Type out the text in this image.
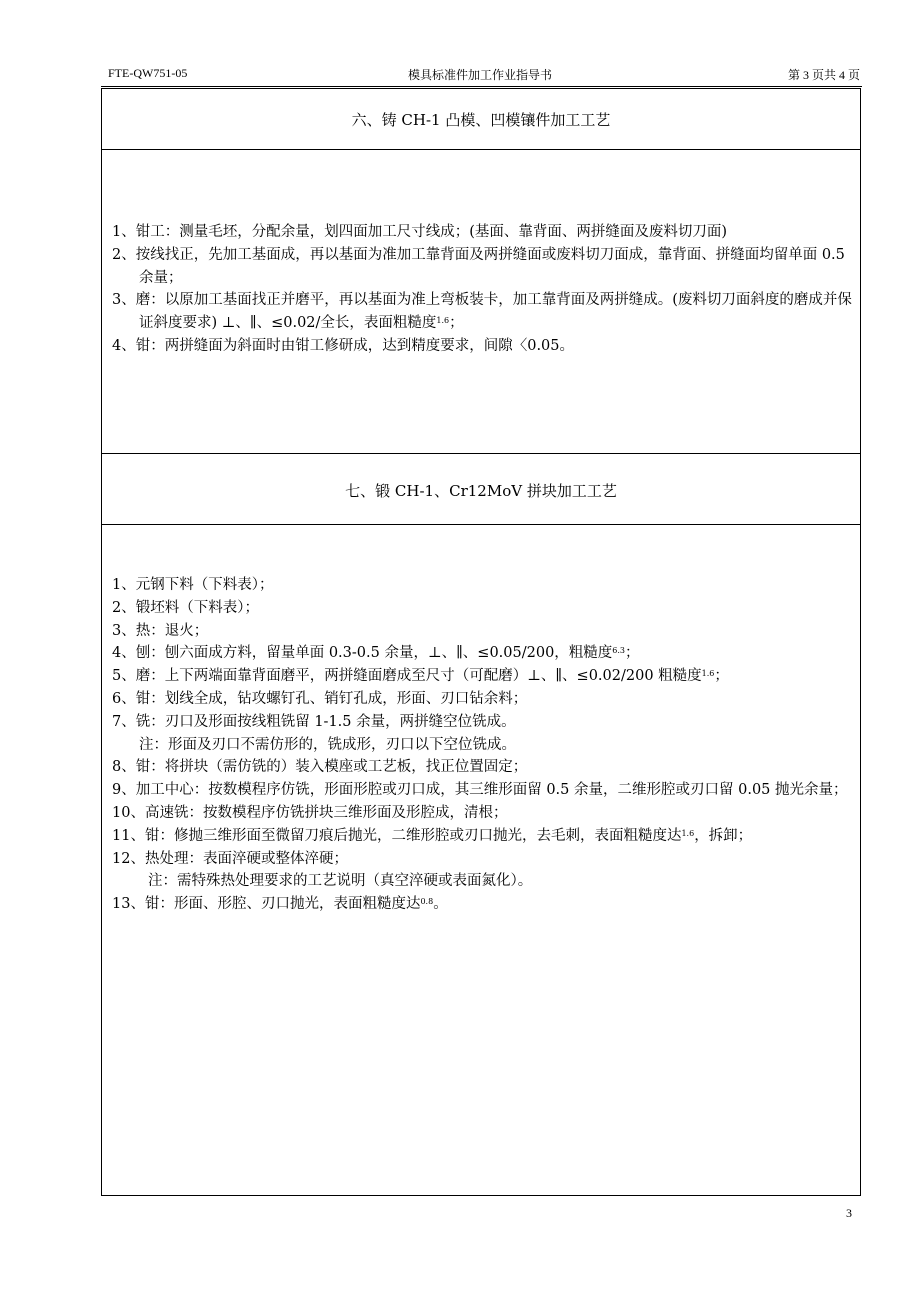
FTE-QW751-05	模具标准件加工作业指导书	第 3 页共 4 页
六、铸 CH-1 凸模、凹模镶件加工工艺

1、钳工：测量毛坯，分配余量，划四面加工尺寸线成；(基面、靠背面、两拼缝面及废料切刀面)

2、按线找正，先加工基面成，再以基面为准加工靠背面及两拼缝面或废料切刀面成，靠背面、拼缝面均留单面 0.5 余量；

3、磨：以原加工基面找正并磨平，再以基面为准上弯板装卡，加工靠背面及两拼缝成。(废料切刀面斜度的磨成并保证斜度要求) ⊥、∥、≤0.02/全长，表面粗糙度$^{1.6}$；

4、钳：两拼缝面为斜面时由钳工修研成，达到精度要求，间隙〈0.05。

七、锻 CH-1、Cr12MoV 拼块加工工艺

1、元钢下料（下料表）；

2、锻坯料（下料表）；

3、热：退火；

4、刨：刨六面成方料，留量单面 0.3-0.5 余量，⊥、∥、≤0.05/200，粗糙度$^{6.3}$；

5、磨：上下两端面靠背面磨平，两拼缝面磨成至尺寸（可配磨）⊥、∥、≤0.02/200 粗糙度$^{1.6}$；

6、钳：划线全成，钻攻螺钉孔、销钉孔成，形面、刃口钻余料；

7、铣：刃口及形面按线粗铣留 1-1.5 余量，两拼缝空位铣成。

注：形面及刃口不需仿形的，铣成形，刃口以下空位铣成。

8、钳：将拼块（需仿铣的）装入模座或工艺板，找正位置固定；

9、加工中心：按数模程序仿铣，形面形腔或刃口成，其三维形面留 0.5 余量，二维形腔或刃口留 0.05 抛光余量；

10、高速铣：按数模程序仿铣拼块三维形面及形腔成，清根；

11、钳：修抛三维形面至微留刀痕后抛光，二维形腔或刃口抛光，去毛刺，表面粗糙度达$^{1.6}$，拆卸；

12、热处理：表面淬硬或整体淬硬；

注：需特殊热处理要求的工艺说明（真空淬硬或表面氮化）。

13、钳：形面、形腔、刃口抛光，表面粗糙度达$^{0.8}$。

3
